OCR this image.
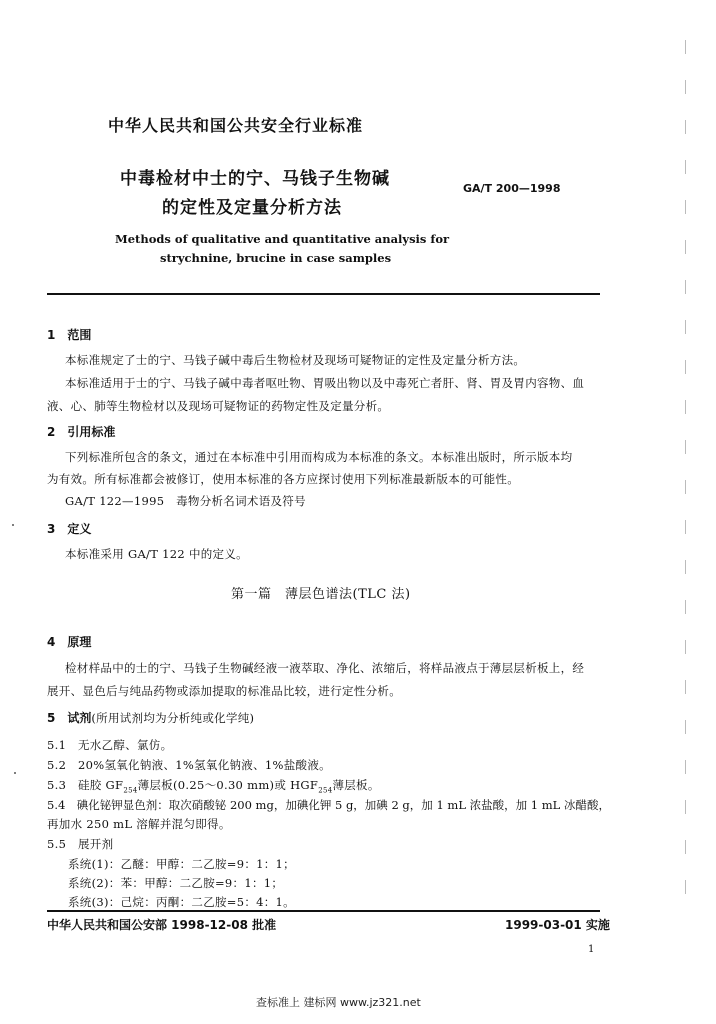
中华人民共和国公共安全行业标准
中毒检材中士的宁、马钱子生物碱
的定性及定量分析方法
GA/T 200—1998
Methods of qualitative and quantitative analysis for
strychnine, brucine in case samples
1　范围
本标准规定了士的宁、马钱子碱中毒后生物检材及现场可疑物证的定性及定量分析方法。
本标准适用于士的宁、马钱子碱中毒者呕吐物、胃吸出物以及中毒死亡者肝、肾、胃及胃内容物、血
液、心、肺等生物检材以及现场可疑物证的药物定性及定量分析。
2　引用标准
下列标准所包含的条文，通过在本标准中引用而构成为本标准的条文。本标准出版时，所示版本均
为有效。所有标准都会被修订，使用本标准的各方应探讨使用下列标准最新版本的可能性。
GA/T 122—1995　毒物分析名词术语及符号
3　定义
本标准采用 GA/T 122 中的定义。
第一篇　薄层色谱法(TLC 法)
4　原理
检材样品中的士的宁、马钱子生物碱经液一液萃取、净化、浓缩后，将样品液点于薄层层析板上，经
展开、显色后与纯品药物或添加提取的标准品比较，进行定性分析。
5　试剂(所用试剂均为分析纯或化学纯)
5.1　无水乙醇、氯仿。
5.2　20%氢氧化钠液、1%氢氧化钠液、1%盐酸液。
5.3　硅胶 $GF_{254}$薄层板(0.25～0.30 mm)或 $HGF_{254}$薄层板。
5.4　碘化铋钾显色剂：取次硝酸铋 200 mg，加碘化钾 5 g，加碘 2 g，加 1 mL 浓盐酸，加 1 mL 冰醋酸，
再加水 250 mL 溶解并混匀即得。
5.5　展开剂
系统(1)：乙醚：甲醇：二乙胺=9：1：1；
系统(2)：苯：甲醇：二乙胺=9：1：1；
系统(3)：己烷：丙酮：二乙胺=5：4：1。
中华人民共和国公安部 1998-12-08 批准	1999-03-01 实施
1
查标准上 建标网 www.jz321.net
